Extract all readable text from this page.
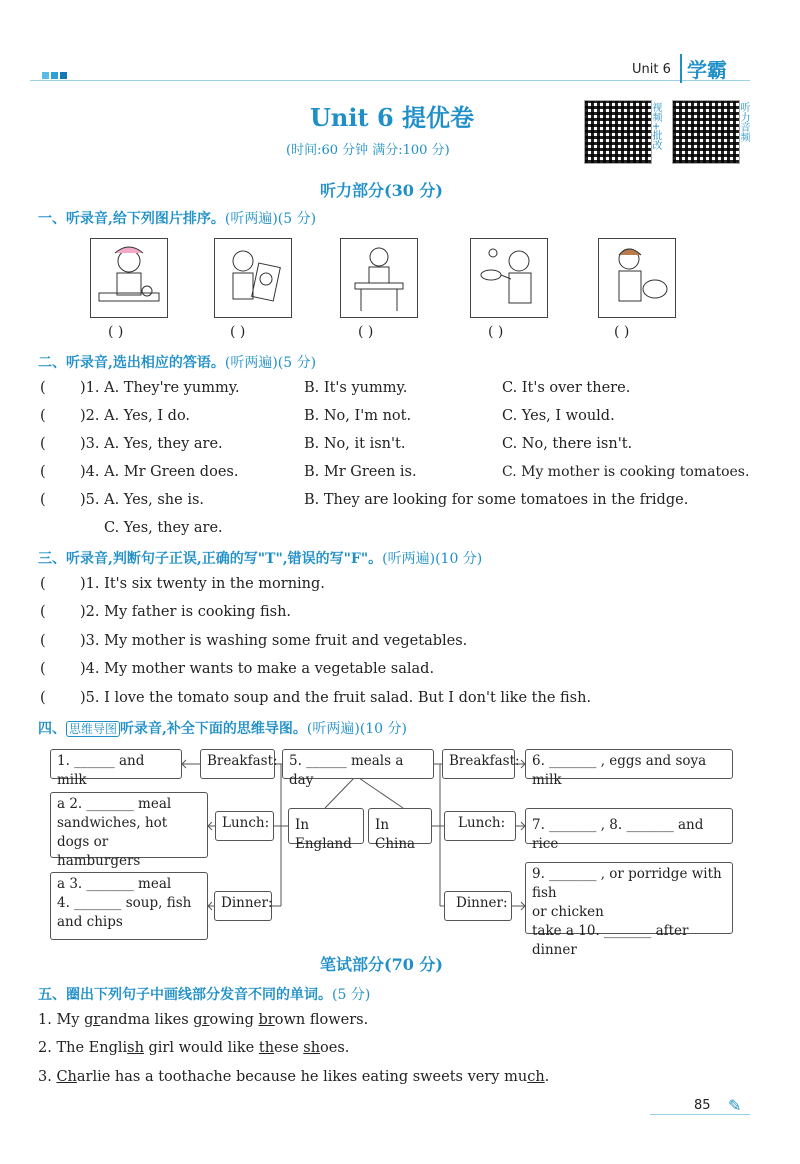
Unit 6 学霸
Unit 6 提优卷
(时间:60 分钟 满分:100 分)
视频+批改	听力音频
听力部分(30 分)
一、听录音,给下列图片排序。(听两遍)(5 分)
( )	( )	( )	( )	( )
二、听录音,选出相应的答语。(听两遍)(5 分)
( )1. A. They're yummy.	B. It's yummy.	C. It's over there.
( )2. A. Yes, I do.	B. No, I'm not.	C. Yes, I would.
( )3. A. Yes, they are.	B. No, it isn't.	C. No, there isn't.
( )4. A. Mr Green does.	B. Mr Green is.	C. My mother is cooking tomatoes.
( )5. A. Yes, she is.	B. They are looking for some tomatoes in the fridge.
C. Yes, they are.
三、听录音,判断句子正误,正确的写"T",错误的写"F"。(听两遍)(10 分)
( )1. It's six twenty in the morning.
( )2. My father is cooking fish.
( )3. My mother is washing some fruit and vegetables.
( )4. My mother wants to make a vegetable salad.
( )5. I love the tomato soup and the fruit salad. But I don't like the fish.
四、 思维导图 听录音,补全下面的思维导图。(听两遍)(10 分)
1. ______ and milk
Breakfast: 5. ______ meals a day
Breakfast: 6. _______ , eggs and soya milk
a 2. _______ meal
sandwiches, hot dogs or
hamburgers
Lunch:	In England
In China
Lunch:	7. _______ , 8. _______ and rice
a 3. _______ meal
4. _______ soup, fish
and chips
Dinner:	Dinner:
9. _______ , or porridge with fish
or chicken
take a 10. _______ after dinner
笔试部分(70 分)
五、圈出下列句子中画线部分发音不同的单词。(5 分)
1. My grandma likes growing brown flowers.
2. The English girl would like these shoes.
3. Charlie has a toothache because he likes eating sweets very much.
85 ✎
